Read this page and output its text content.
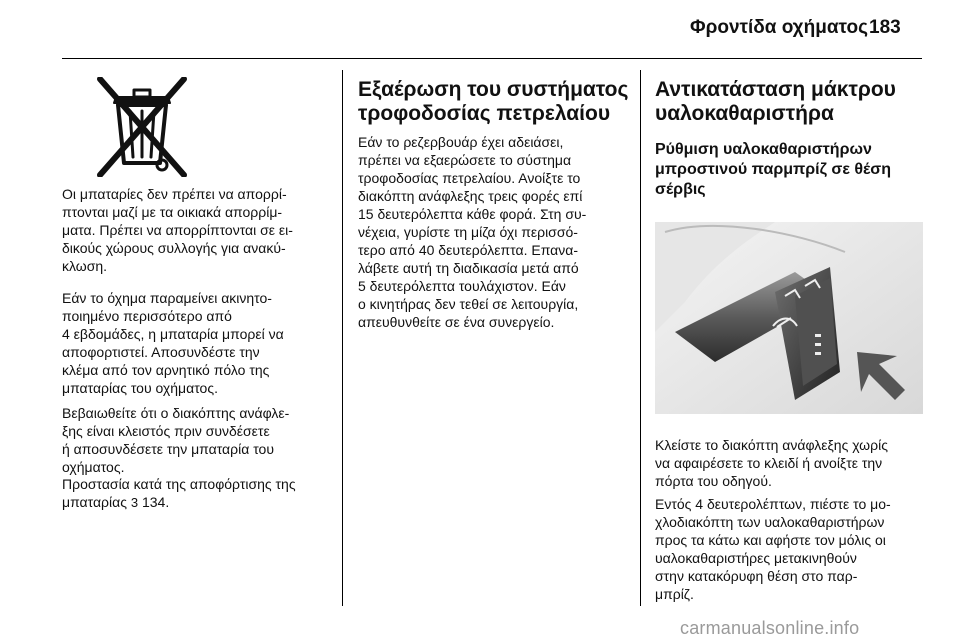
Φροντίδα οχήματος 183
Οι μπαταρίες δεν πρέπει να απορρί-
πτονται μαζί με τα οικιακά απορρίμ-
ματα. Πρέπει να απορρίπτονται σε ει-
δικούς χώρους συλλογής για ανακύ-
κλωση.
Εάν το όχημα παραμείνει ακινητο-
ποιημένο περισσότερο από
4 εβδομάδες, η μπαταρία μπορεί να
αποφορτιστεί. Αποσυνδέστε την
κλέμα από τον αρνητικό πόλο της
μπαταρίας του οχήματος.
Βεβαιωθείτε ότι ο διακόπτης ανάφλε-
ξης είναι κλειστός πριν συνδέσετε
ή αποσυνδέσετε την μπαταρία του
οχήματος.
Προστασία κατά της αποφόρτισης της
μπαταρίας 3 134.
Εξαέρωση του συστήματος
τροφοδοσίας πετρελαίου
Εάν το ρεζερβουάρ έχει αδειάσει,
πρέπει να εξαερώσετε το σύστημα
τροφοδοσίας πετρελαίου. Ανοίξτε το
διακόπτη ανάφλεξης τρεις φορές επί
15 δευτερόλεπτα κάθε φορά. Στη συ-
νέχεια, γυρίστε τη μίζα όχι περισσό-
τερο από 40 δευτερόλεπτα. Επανα-
λάβετε αυτή τη διαδικασία μετά από
5 δευτερόλεπτα τουλάχιστον. Εάν
ο κινητήρας δεν τεθεί σε λειτουργία,
απευθυνθείτε σε ένα συνεργείο.
Αντικατάσταση μάκτρου
υαλοκαθαριστήρα
Ρύθμιση υαλοκαθαριστήρων
μπροστινού παρμπρίζ σε θέση
σέρβις
Κλείστε το διακόπτη ανάφλεξης χωρίς
να αφαιρέσετε το κλειδί ή ανοίξτε την
πόρτα του οδηγού.
Εντός 4 δευτερολέπτων, πιέστε το μο-
χλοδιακόπτη των υαλοκαθαριστήρων
προς τα κάτω και αφήστε τον μόλις οι
υαλοκαθαριστήρες μετακινηθούν
στην κατακόρυφη θέση στο παρ-
μπρίζ.
carmanualsonline.info
